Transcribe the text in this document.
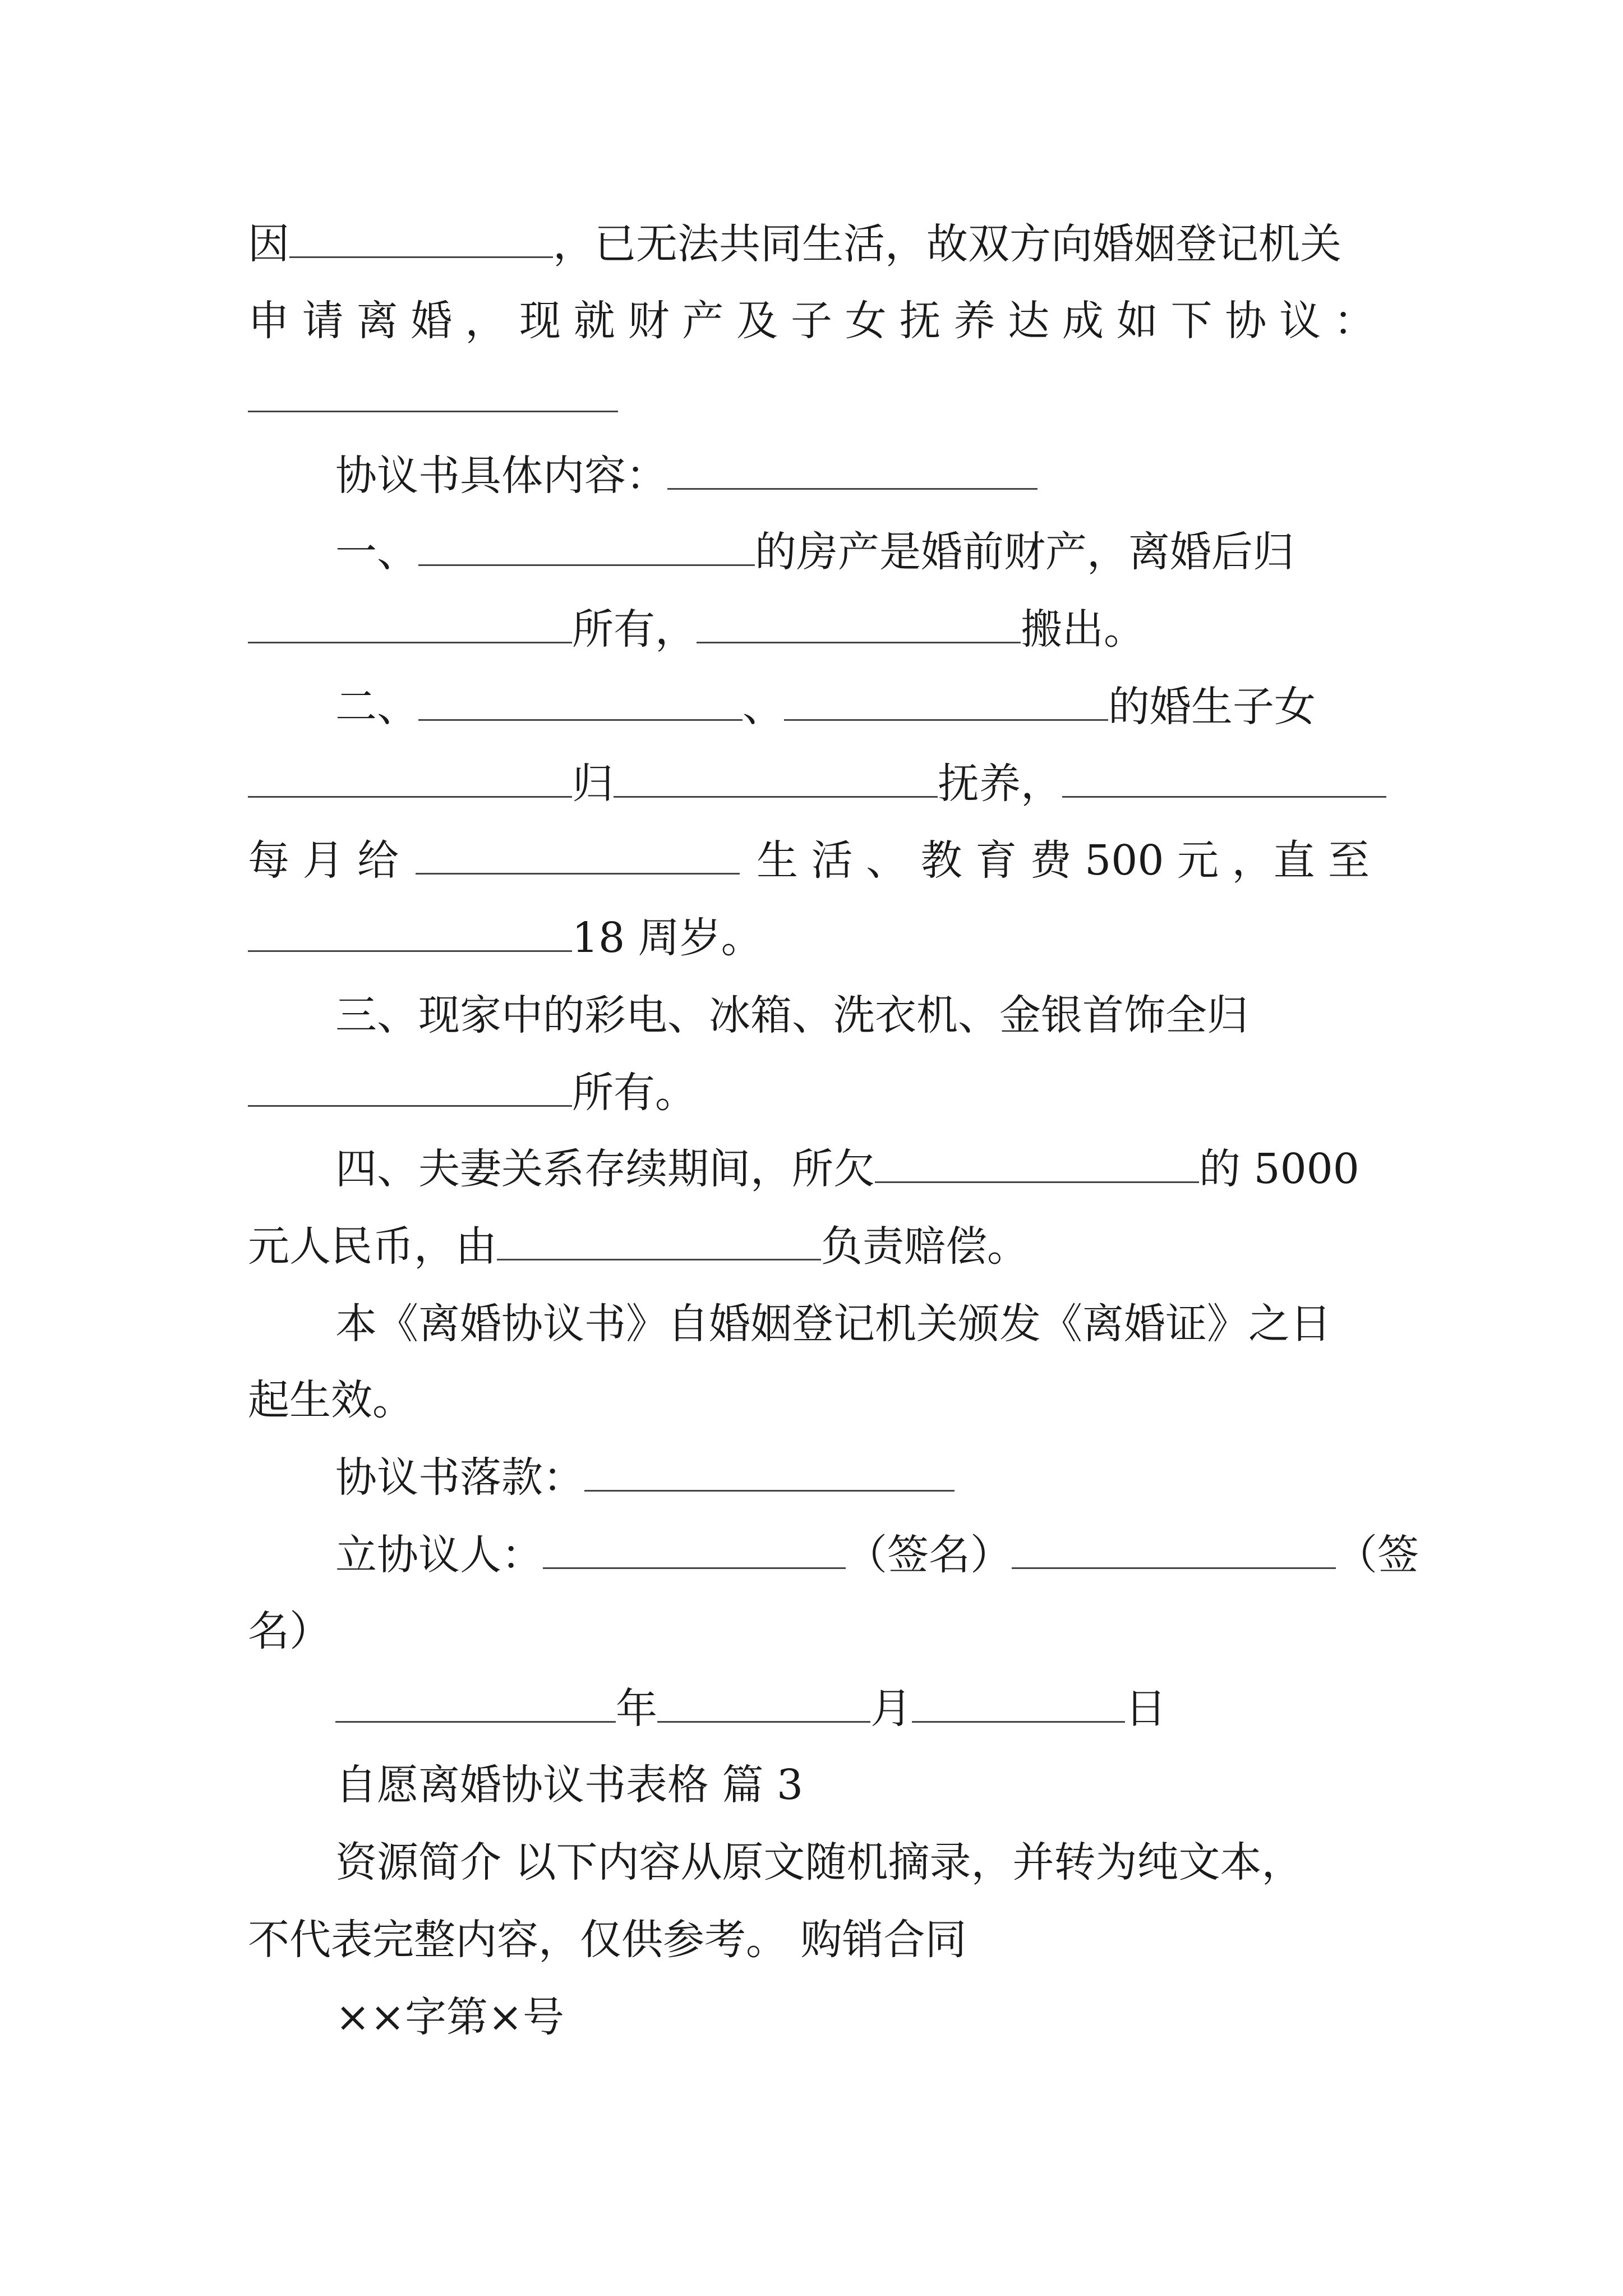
因	，已无法共同生活，故双方向婚姻登记机关
申 请 离 婚 ， 现 就 财 产 及 子 女 抚 养 达 成 如 下 协 议 ：
协议书具体内容：
一、	的房产是婚前财产，离婚后归
所有，	搬出。
二、	、	的婚生子女
归	抚养，
每 月 给	生 活 、 教 育 费 500 元 ，直 至
18 周岁。
三、现家中的彩电、冰箱、洗衣机、金银首饰全归
所有。
四、夫妻关系存续期间，所欠	的 5000
元人民币，由	负责赔偿。
本《离婚协议书》自婚姻登记机关颁发《离婚证》之日
起生效。
协议书落款：
立协议人：	（签名）	（签
名）
年	月	日
自愿离婚协议书表格 篇 3
资源简介 以下内容从原文随机摘录，并转为纯文本，
不代表完整内容，仅供参考。 购销合同
××字第×号
